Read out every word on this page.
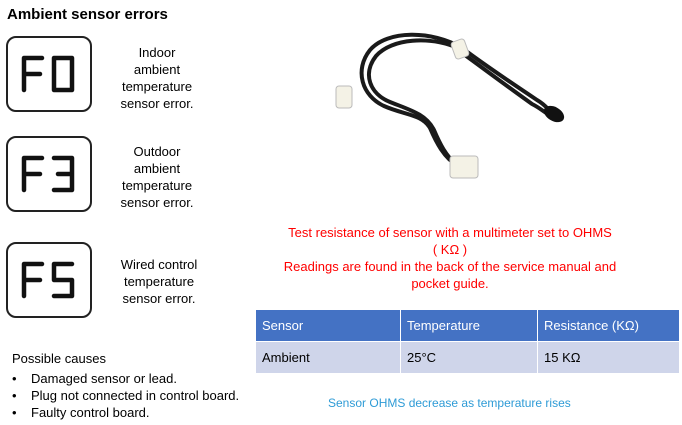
Ambient sensor errors
Indoor
ambient
temperature
sensor error.
Outdoor
ambient
temperature
sensor error.
Wired control
temperature
sensor error.
Possible causes
• Damaged sensor or lead.
• Plug not connected in control board.
• Faulty control board.
Test resistance of sensor with a multimeter set to OHMS
( KΩ )
Readings are found in the back of the service manual and
pocket guide.
Sensor	Temperature	Resistance (KΩ)
Ambient	25°C	15 KΩ
Sensor OHMS decrease as temperature rises
